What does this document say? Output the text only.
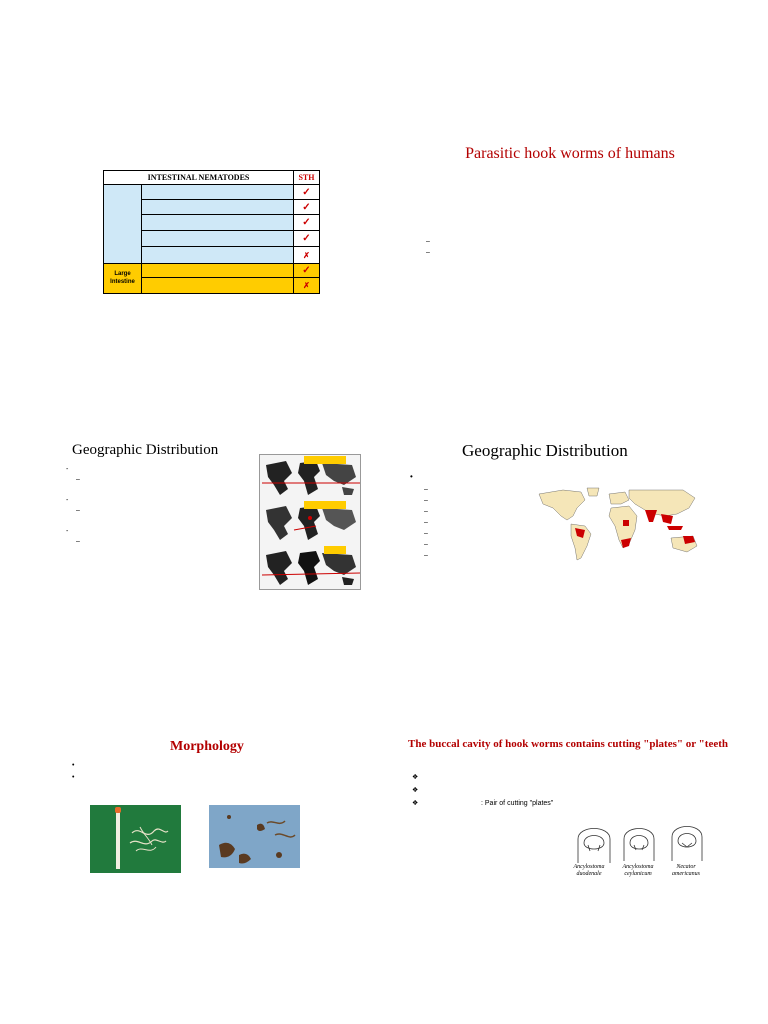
INTESTINAL NEMATODES	STH
Large Intestine
✓
✓
✓
✓
✗
✓
✗
Parasitic hook worms of humans
–
–
Geographic Distribution
-
–
-
–
-
–
Geographic Distribution
•
–
–
–
–
–
–
–
Morphology
•
•
The buccal cavity of hook worms contains cutting "plates" or "teeth
❖
❖
❖	: Pair of cutting "plates"
Ancylostoma duodenale
Ancylostoma ceylanicum
Necator americanus
